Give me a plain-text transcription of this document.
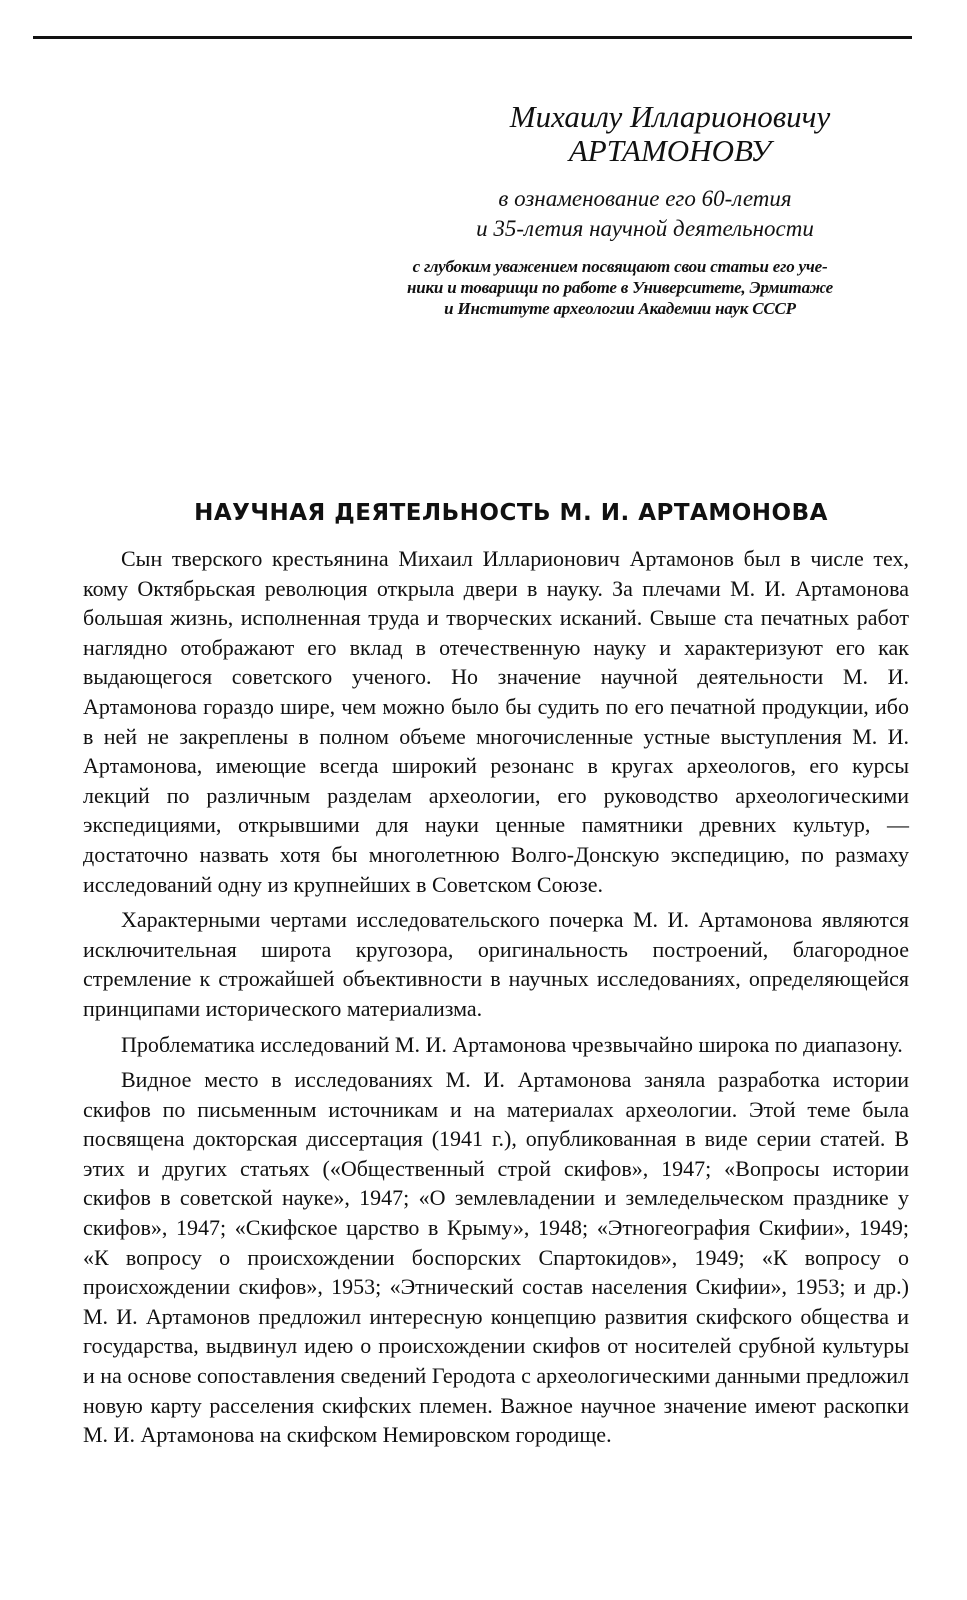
Михаилу Илларионовичу
АРТАМОНОВУ
в ознаменование его 60-летия
и 35-летия научной деятельности
с глубоким уважением посвящают свои статьи его уче-
ники и товарищи по работе в Университете, Эрмитаже
и Институте археологии Академии наук СССР
НАУЧНАЯ ДЕЯТЕЛЬНОСТЬ М. И. АРТАМОНОВА

Сын тверского крестьянина Михаил Илларионович Артамонов был в числе тех, кому Октябрьская революция открыла двери в науку. За плечами М. И. Артамонова большая жизнь, исполненная труда и творческих исканий. Свыше ста печатных работ наглядно отображают его вклад в отечественную науку и характеризуют его как выдающегося советского ученого. Но значение научной деятельности М. И. Артамонова гораздо шире, чем можно было бы судить по его печатной продукции, ибо в ней не закреплены в полном объеме многочисленные устные выступления М. И. Артамонова, имеющие всегда широкий резонанс в кругах археологов, его курсы лекций по различным разделам археологии, его руководство археологическими экспедициями, открывшими для науки ценные памятники древних культур, — достаточно назвать хотя бы многолетнюю Волго-Донскую экспедицию, по размаху исследований одну из крупнейших в Советском Союзе.

Характерными чертами исследовательского почерка М. И. Артамонова являются исключительная широта кругозора, оригинальность построений, благородное стремление к строжайшей объективности в научных исследованиях, определяющейся принципами исторического материализма.

Проблематика исследований М. И. Артамонова чрезвычайно широка по диапазону.

Видное место в исследованиях М. И. Артамонова заняла разработка истории скифов по письменным источникам и на материалах археологии. Этой теме была посвящена докторская диссертация (1941 г.), опубликованная в виде серии статей. В этих и других статьях («Общественный строй скифов», 1947; «Вопросы истории скифов в советской науке», 1947; «О землевладении и земледельческом празднике у скифов», 1947; «Скифское царство в Крыму», 1948; «Этногеография Скифии», 1949; «К вопросу о происхождении боспорских Спартокидов», 1949; «К вопросу о происхождении скифов», 1953; «Этнический состав населения Скифии», 1953; и др.) М. И. Артамонов предложил интересную концепцию развития скифского общества и государства, выдвинул идею о происхождении скифов от носителей срубной культуры и на основе сопоставления сведений Геродота с археологическими данными предложил новую карту расселения скифских племен. Важное научное значение имеют раскопки М. И. Артамонова на скифском Немировском городище.
